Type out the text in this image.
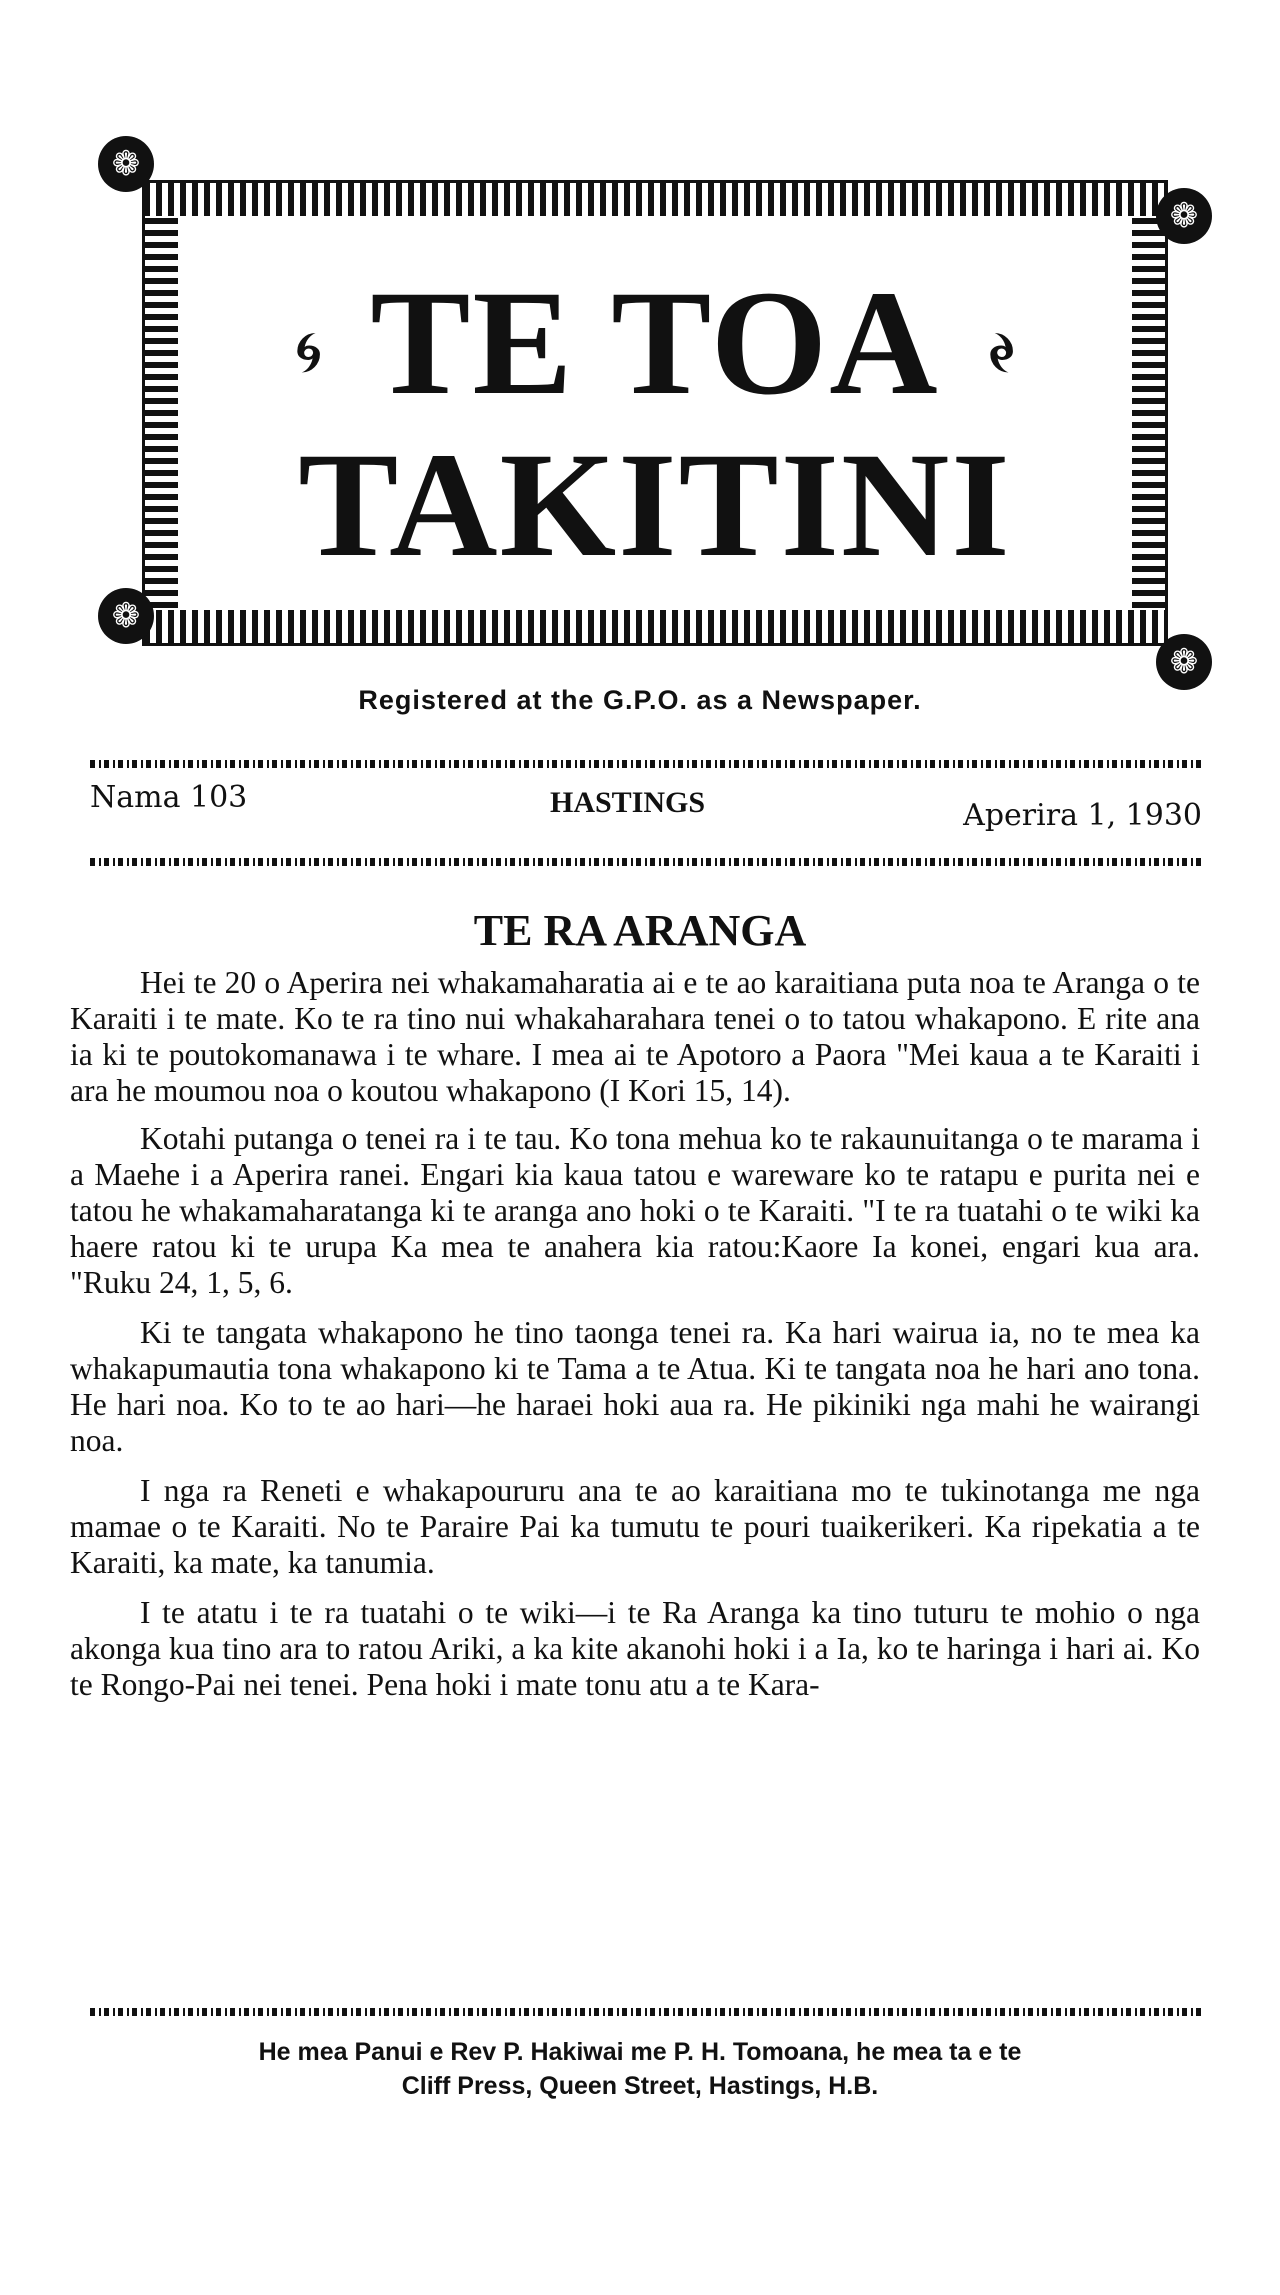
❁
❁
❁
❁
🌀︎	🌀︎
TE TOA
TAKITINI
Registered at the G.P.O. as a Newspaper.
Nama 103	HASTINGS	Aperira 1, 1930
TE RA ARANGA

Hei te 20 o Aperira nei whakamaharatia ai e te ao karaitiana puta noa te Aranga o te Karaiti i te mate. Ko te ra tino nui whakaharahara tenei o to tatou whakapono. E rite ana ia ki te poutokomanawa i te whare. I mea ai te Apotoro a Paora "Mei kaua a te Karaiti i ara he moumou noa o koutou whakapono (I Kori 15, 14).

Kotahi putanga o tenei ra i te tau. Ko tona mehua ko te rakaunuitanga o te marama i a Maehe i a Aperira ranei. Engari kia kaua tatou e wareware ko te ratapu e purita nei e tatou he whakamaharatanga ki te aranga ano hoki o te Karaiti. "I te ra tuatahi o te wiki ka haere ratou ki te urupa Ka mea te anahera kia ratou:Kaore Ia konei, engari kua ara. "Ruku 24, 1, 5, 6.

Ki te tangata whakapono he tino taonga tenei ra. Ka hari wairua ia, no te mea ka whakapumautia tona whakapono ki te Tama a te Atua. Ki te tangata noa he hari ano tona. He hari noa. Ko to te ao hari—he haraei hoki aua ra. He pikiniki nga mahi he wairangi noa.

I nga ra Reneti e whakapoururu ana te ao karaitiana mo te tukinotanga me nga mamae o te Karaiti. No te Paraire Pai ka tumutu te pouri tuaikerikeri. Ka ripekatia a te Karaiti, ka mate, ka tanumia.

I te atatu i te ra tuatahi o te wiki—i te Ra Aranga ka tino tuturu te mohio o nga akonga kua tino ara to ratou Ariki, a ka kite akanohi hoki i a Ia, ko te haringa i hari ai. Ko te Rongo-Pai nei tenei. Pena hoki i mate tonu atu a te Kara-

He mea Panui e Rev P. Hakiwai me P. H. Tomoana, he mea ta e te
Cliff Press, Queen Street, Hastings, H.B.
